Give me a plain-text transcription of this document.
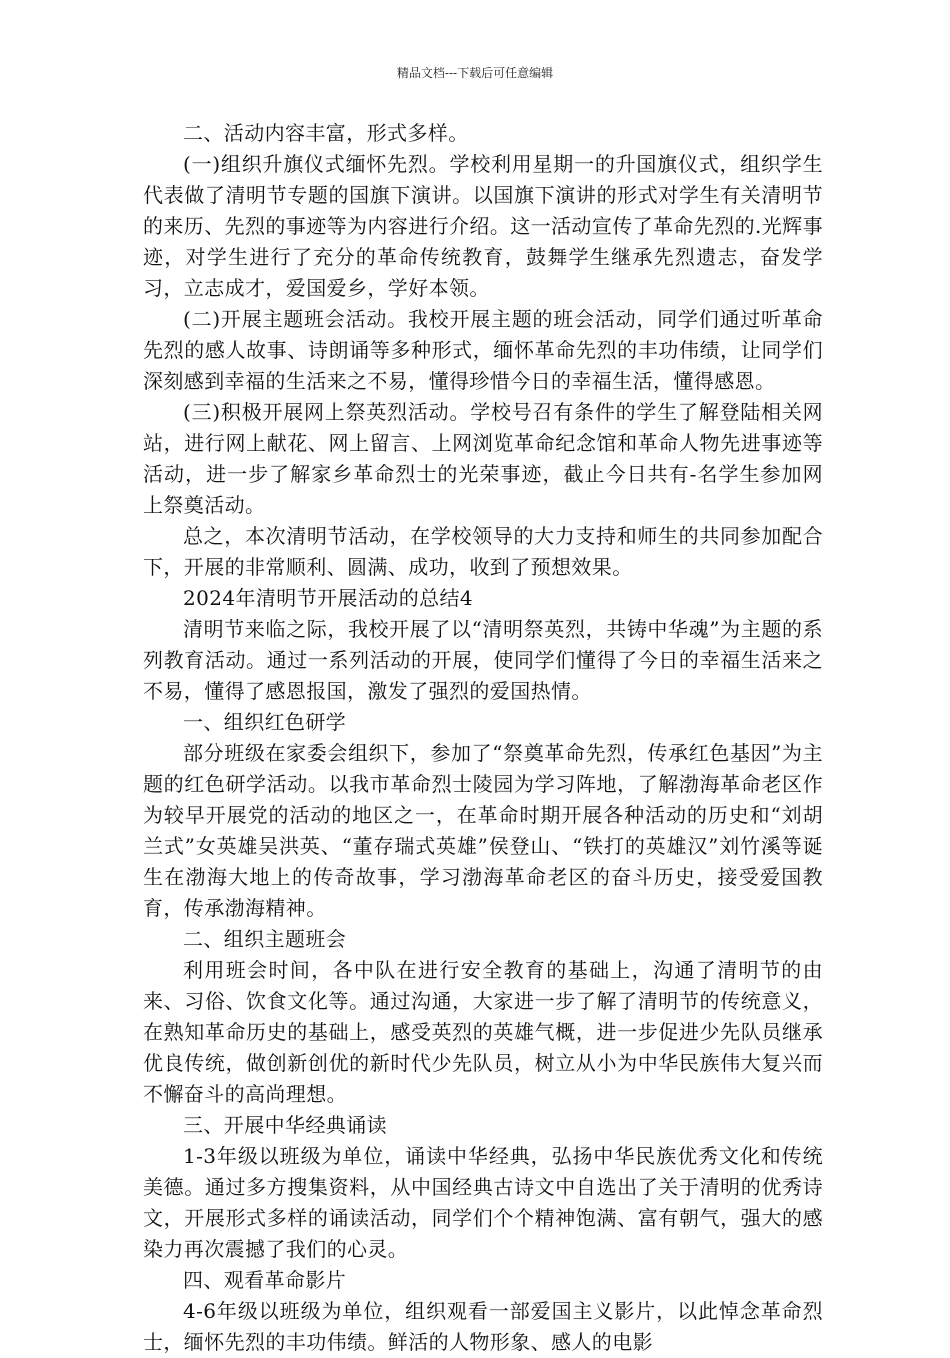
精品文档---下载后可任意编辑

二、活动内容丰富，形式多样。

(一)组织升旗仪式缅怀先烈。学校利用星期一的升国旗仪式，组织学生代表做了清明节专题的国旗下演讲。以国旗下演讲的形式对学生有关清明节的来历、先烈的事迹等为内容进行介绍。这一活动宣传了革命先烈的.光辉事迹，对学生进行了充分的革命传统教育，鼓舞学生继承先烈遗志，奋发学习，立志成才，爱国爱乡，学好本领。

(二)开展主题班会活动。我校开展主题的班会活动，同学们通过听革命先烈的感人故事、诗朗诵等多种形式，缅怀革命先烈的丰功伟绩，让同学们深刻感到幸福的生活来之不易，懂得珍惜今日的幸福生活，懂得感恩。

(三)积极开展网上祭英烈活动。学校号召有条件的学生了解登陆相关网站，进行网上献花、网上留言、上网浏览革命纪念馆和革命人物先进事迹等活动，进一步了解家乡革命烈士的光荣事迹，截止今日共有-名学生参加网上祭奠活动。

总之，本次清明节活动，在学校领导的大力支持和师生的共同参加配合下，开展的非常顺利、圆满、成功，收到了预想效果。

2024年清明节开展活动的总结4

清明节来临之际，我校开展了以“清明祭英烈，共铸中华魂”为主题的系列教育活动。通过一系列活动的开展，使同学们懂得了今日的幸福生活来之不易，懂得了感恩报国，激发了强烈的爱国热情。

一、组织红色研学

部分班级在家委会组织下，参加了“祭奠革命先烈，传承红色基因”为主题的红色研学活动。以我市革命烈士陵园为学习阵地，了解渤海革命老区作为较早开展党的活动的地区之一，在革命时期开展各种活动的历史和“刘胡兰式”女英雄吴洪英、“董存瑞式英雄”侯登山、“铁打的英雄汉”刘竹溪等诞生在渤海大地上的传奇故事，学习渤海革命老区的奋斗历史，接受爱国教育，传承渤海精神。

二、组织主题班会

利用班会时间，各中队在进行安全教育的基础上，沟通了清明节的由来、习俗、饮食文化等。通过沟通，大家进一步了解了清明节的传统意义，在熟知革命历史的基础上，感受英烈的英雄气概，进一步促进少先队员继承优良传统，做创新创优的新时代少先队员，树立从小为中华民族伟大复兴而不懈奋斗的高尚理想。

三、开展中华经典诵读

1-3年级以班级为单位，诵读中华经典，弘扬中华民族优秀文化和传统美德。通过多方搜集资料，从中国经典古诗文中自选出了关于清明的优秀诗文，开展形式多样的诵读活动，同学们个个精神饱满、富有朝气，强大的感染力再次震撼了我们的心灵。

四、观看革命影片

4-6年级以班级为单位，组织观看一部爱国主义影片，以此悼念革命烈士，缅怀先烈的丰功伟绩。鲜活的人物形象、感人的电影
